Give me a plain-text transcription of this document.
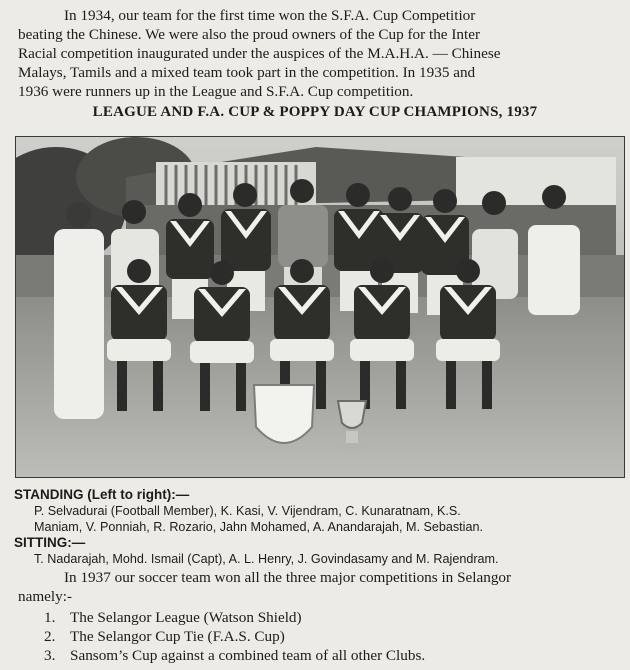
In 1934, our team for the first time won the S.F.A. Cup Competitior
beating the Chinese. We were also the proud owners of the Cup for the Inter
Racial competition inaugurated under the auspices of the M.A.H.A. — Chinese
Malays, Tamils and a mixed team took part in the competition. In 1935 and
1936 were runners up in the League and S.F.A. Cup competition.
LEAGUE AND F.A. CUP & POPPY DAY CUP CHAMPIONS, 1937
STANDING (Left to right):—
P. Selvadurai (Football Member), K. Kasi, V. Vijendram, C. Kunaratnam, K.S.
Maniam, V. Ponniah, R. Rozario, Jahn Mohamed, A. Anandarajah, M. Sebastian.
SITTING:—
T. Nadarajah, Mohd. Ismail (Capt), A. L. Henry, J. Govindasamy and M. Rajendram.
In 1937 our soccer team won all the three major competitions in Selangor
namely:-
1. The Selangor League (Watson Shield)
2. The Selangor Cup Tie (F.A.S. Cup)
3. Sansom’s Cup against a combined team of all other Clubs.
